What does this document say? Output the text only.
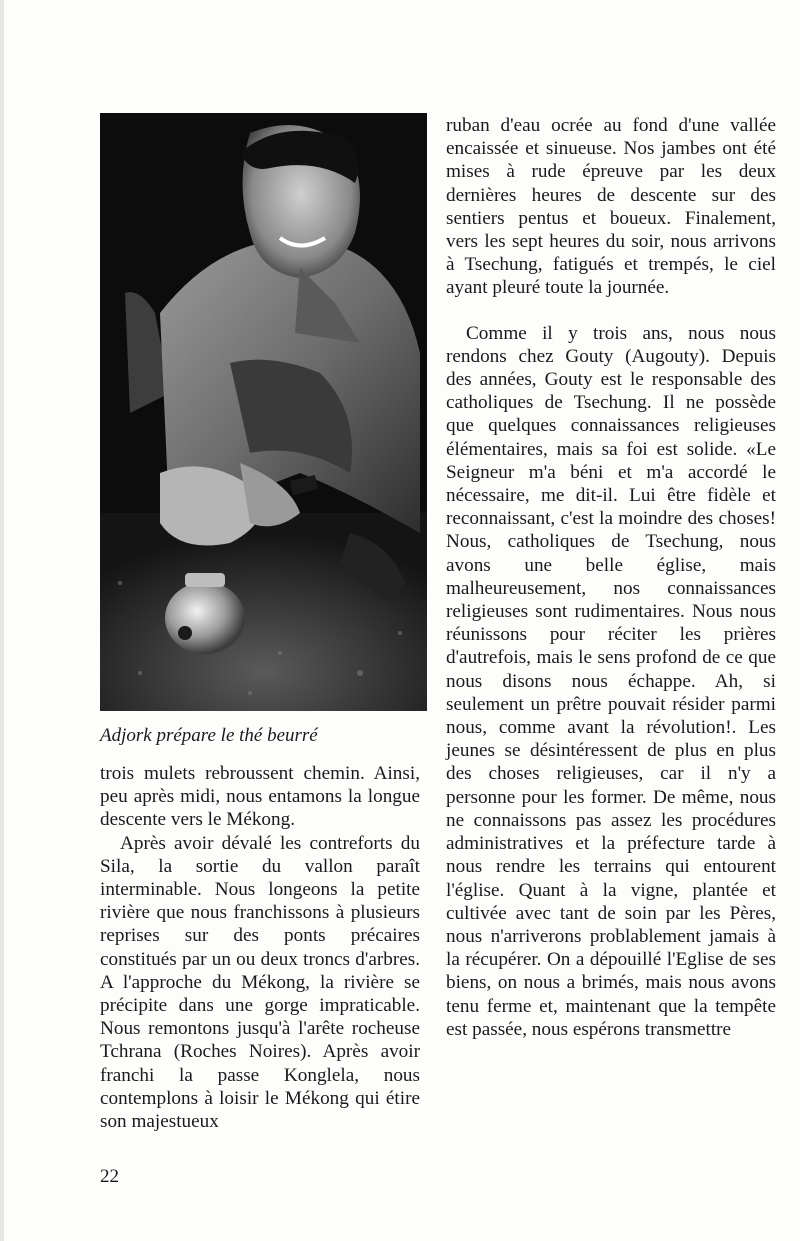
Adjork prépare le thé beurré

trois mulets rebroussent chemin. Ainsi, peu après midi, nous entamons la longue descente vers le Mékong.

Après avoir dévalé les contreforts du Sila, la sortie du vallon paraît interminable. Nous longeons la petite rivière que nous franchissons à plusieurs reprises sur des ponts précaires constitués par un ou deux troncs d'arbres. A l'approche du Mékong, la rivière se précipite dans une gorge impraticable. Nous remontons jusqu'à l'arête rocheuse Tchrana (Roches Noires). Après avoir franchi la passe Konglela, nous contemplons à loisir le Mékong qui étire son majestueux

ruban d'eau ocrée au fond d'une vallée encaissée et sinueuse. Nos jambes ont été mises à rude épreuve par les deux dernières heures de descente sur des sentiers pentus et boueux. Finalement, vers les sept heures du soir, nous arrivons à Tsechung, fatigués et trempés, le ciel ayant pleuré toute la journée.

Comme il y trois ans, nous nous rendons chez Gouty (Augouty). Depuis des années, Gouty est le responsable des catholiques de Tsechung. Il ne possède que quelques connaissances religieuses élémentaires, mais sa foi est solide. «Le Seigneur m'a béni et m'a accordé le nécessaire, me dit-il. Lui être fidèle et reconnaissant, c'est la moindre des choses! Nous, catholiques de Tsechung, nous avons une belle église, mais malheureusement, nos connaissances religieuses sont rudimentaires. Nous nous réunissons pour réciter les prières d'autrefois, mais le sens profond de ce que nous disons nous échappe. Ah, si seulement un prêtre pouvait résider parmi nous, comme avant la révolution!. Les jeunes se désintéressent de plus en plus des choses religieuses, car il n'y a personne pour les former. De même, nous ne connaissons pas assez les procédures administratives et la préfecture tarde à nous rendre les terrains qui entourent l'église. Quant à la vigne, plantée et cultivée avec tant de soin par les Pères, nous n'arriverons problablement jamais à la récupérer. On a dépouillé l'Eglise de ses biens, on nous a brimés, mais nous avons tenu ferme et, maintenant que la tempête est passée, nous espérons transmettre

22
